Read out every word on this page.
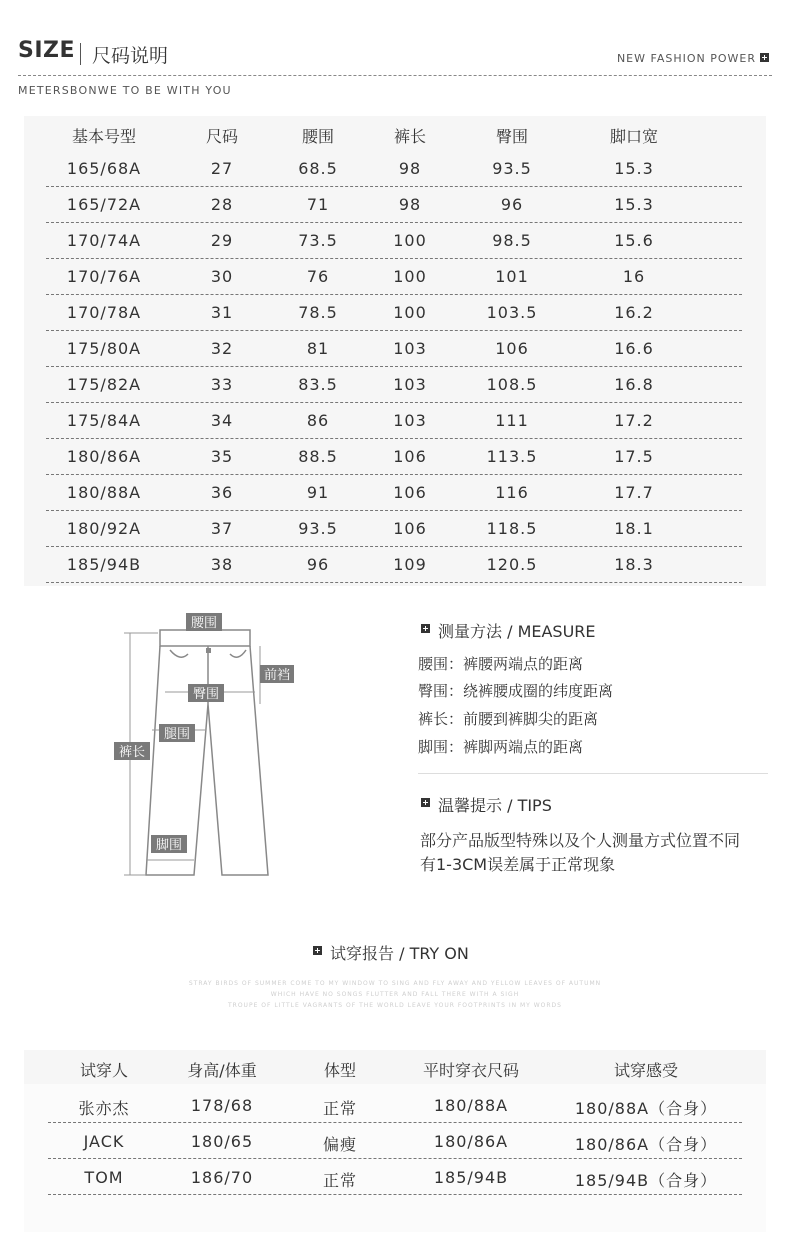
SIZE 尺码说明	NEW FASHION POWER
METERSBONWE TO BE WITH YOU
基本号型	尺码	腰围	裤长	臀围	脚口宽
165/68A	27	68.5	98	93.5	15.3
165/72A	28	71	98	96	15.3
170/74A	29	73.5	100	98.5	15.6
170/76A	30	76	100	101	16
170/78A	31	78.5	100	103.5	16.2
175/80A	32	81	103	106	16.6
175/82A	33	83.5	103	108.5	16.8
175/84A	34	86	103	111	17.2
180/86A	35	88.5	106	113.5	17.5
180/88A	36	91	106	116	17.7
180/92A	37	93.5	106	118.5	18.1
185/94B	38	96	109	120.5	18.3
腰围
前裆
臀围
腿围
裤长
脚围
测量方法 / MEASURE
腰围：裤腰两端点的距离
臀围：绕裤腰成圈的纬度距离
裤长：前腰到裤脚尖的距离
脚围：裤脚两端点的距离
温馨提示 / TIPS
部分产品版型特殊以及个人测量方式位置不同
有1-3CM误差属于正常现象
试穿报告 / TRY ON
STRAY BIRDS OF SUMMER COME TO MY WINDOW TO SING AND FLY AWAY AND YELLOW LEAVES OF AUTUMN
WHICH HAVE NO SONGS FLUTTER AND FALL THERE WITH A SIGH
TROUPE OF LITTLE VAGRANTS OF THE WORLD LEAVE YOUR FOOTPRINTS IN MY WORDS
试穿人	身高/体重	体型	平时穿衣尺码	试穿感受
张亦杰	178/68	正常	180/88A	180/88A（合身）
JACK	180/65	偏瘦	180/86A	180/86A（合身）
TOM	186/70	正常	185/94B	185/94B（合身）
